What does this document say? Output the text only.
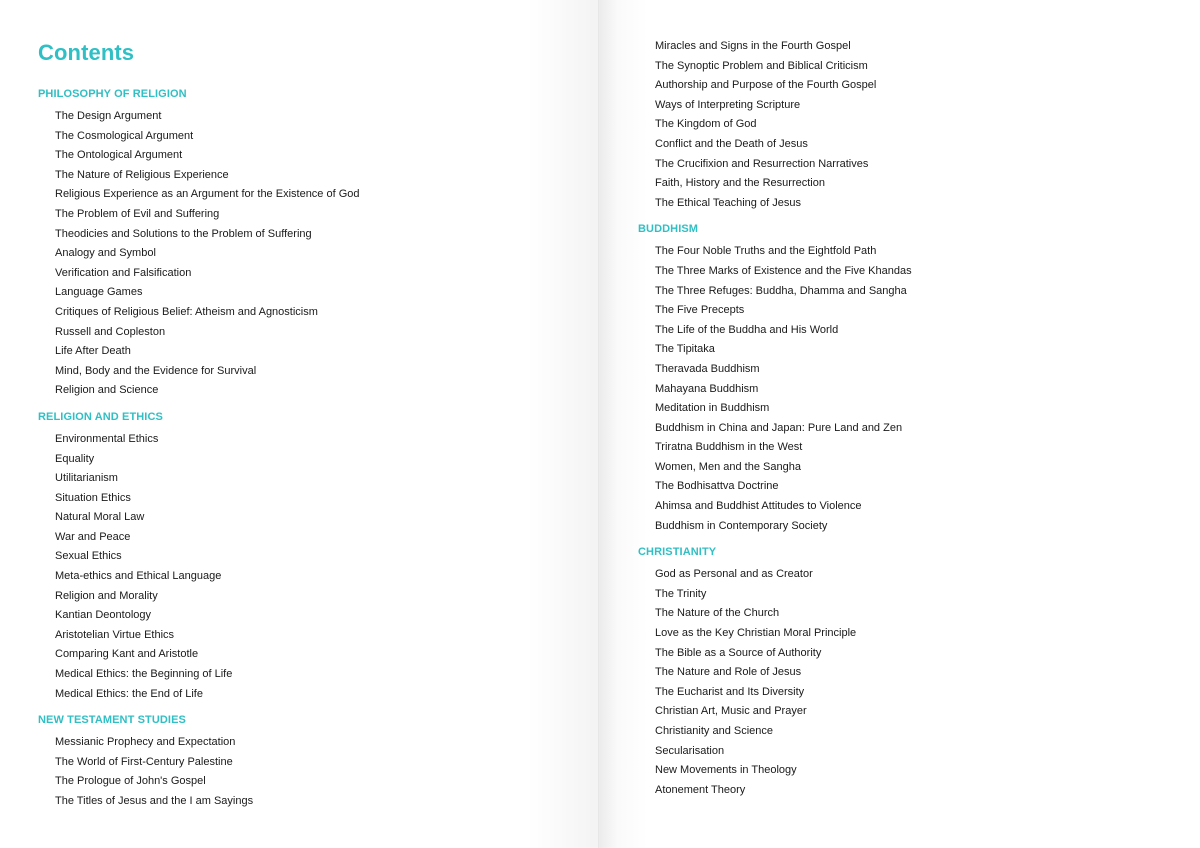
Contents
PHILOSOPHY OF RELIGION
The Design Argument
The Cosmological Argument
The Ontological Argument
The Nature of Religious Experience
Religious Experience as an Argument for the Existence of God
The Problem of Evil and Suffering
Theodicies and Solutions to the Problem of Suffering
Analogy and Symbol
Verification and Falsification
Language Games
Critiques of Religious Belief: Atheism and Agnosticism
Russell and Copleston
Life After Death
Mind, Body and the Evidence for Survival
Religion and Science
RELIGION AND ETHICS
Environmental Ethics
Equality
Utilitarianism
Situation Ethics
Natural Moral Law
War and Peace
Sexual Ethics
Meta-ethics and Ethical Language
Religion and Morality
Kantian Deontology
Aristotelian Virtue Ethics
Comparing Kant and Aristotle
Medical Ethics: the Beginning of Life
Medical Ethics: the End of Life
NEW TESTAMENT STUDIES
Messianic Prophecy and Expectation
The World of First-Century Palestine
The Prologue of John's Gospel
The Titles of Jesus and the I am Sayings
Miracles and Signs in the Fourth Gospel
The Synoptic Problem and Biblical Criticism
Authorship and Purpose of the Fourth Gospel
Ways of Interpreting Scripture
The Kingdom of God
Conflict and the Death of Jesus
The Crucifixion and Resurrection Narratives
Faith, History and the Resurrection
The Ethical Teaching of Jesus
BUDDHISM
The Four Noble Truths and the Eightfold Path
The Three Marks of Existence and the Five Khandas
The Three Refuges: Buddha, Dhamma and Sangha
The Five Precepts
The Life of the Buddha and His World
The Tipitaka
Theravada Buddhism
Mahayana Buddhism
Meditation in Buddhism
Buddhism in China and Japan: Pure Land and Zen
Triratna Buddhism in the West
Women, Men and the Sangha
The Bodhisattva Doctrine
Ahimsa and Buddhist Attitudes to Violence
Buddhism in Contemporary Society
CHRISTIANITY
God as Personal and as Creator
The Trinity
The Nature of the Church
Love as the Key Christian Moral Principle
The Bible as a Source of Authority
The Nature and Role of Jesus
The Eucharist and Its Diversity
Christian Art, Music and Prayer
Christianity and Science
Secularisation
New Movements in Theology
Atonement Theory
